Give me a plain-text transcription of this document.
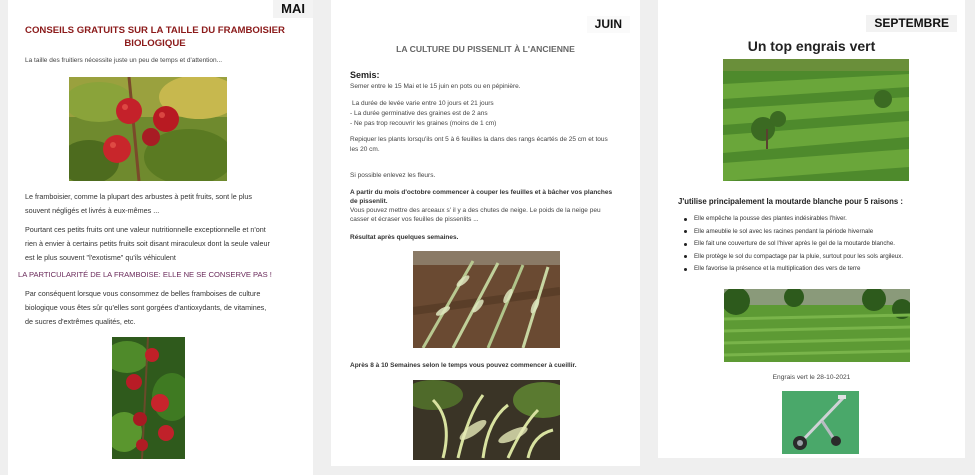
MAI
CONSEILS GRATUITS SUR LA TAILLE DU FRAMBOISIER BIOLOGIQUE
La taille des fruitiers nécessite juste un peu de temps et d'attention...
Le framboisier, comme la plupart des arbustes à petit fruits, sont le plus
souvent négligés et livrés à eux-mêmes ...
Pourtant ces petits fruits ont une valeur nutritionnelle exceptionnelle et n'ont
rien à envier à certains petits fruits soit disant miraculeux dont la seule valeur
est le plus souvent "l'exotisme" qu'ils véhiculent
LA PARTICULARITÉ DE LA FRAMBOISE: ELLE NE SE CONSERVE PAS !
Par conséquent lorsque vous consommez de belles framboises de culture
biologique vous êtes sûr qu'elles sont gorgées d'antioxydants, de vitamines,
de sucres d'extrêmes qualités, etc.
JUIN
LA CULTURE DU PISSENLIT À L'ANCIENNE
Semis:
Semer entre le 15 Mai et le 15 juin en pots ou en pépinière.
La durée de levée varie entre 10 jours et 21 jours
- La durée germinative des graines est de 2 ans
- Ne pas trop recouvrir les graines (moins de 1 cm)
Repiquer les plants lorsqu'ils ont 5 à 6 feuilles la dans des rangs écartés de 25 cm et tous
les 20 cm.
Si possible enlevez les fleurs.
A partir du mois d'octobre commencer à couper les feuilles et à bâcher vos planches
de pissenlit.
Vous pouvez mettre des arceaux s' il y a des chutes de neige. Le poids de la neige peu
casser et écraser vos feuilles de pissenlits ...
Résultat après quelques semaines.
Après 8 à 10 Semaines selon le temps vous pouvez commencer à cueillir.
SEPTEMBRE
Un top engrais vert
J'utilise principalement la moutarde blanche pour 5 raisons :
Elle empêche la pousse des plantes indésirables l'hiver.
Elle ameublie le sol avec les racines pendant la période hivernale
Elle fait une couverture de sol l'hiver après le gel de la moutarde blanche.
Elle protège le sol du compactage par la pluie, surtout pour les sols argileux.
Elle favorise la présence et la multiplication des vers de terre
Engrais vert le 28-10-2021
